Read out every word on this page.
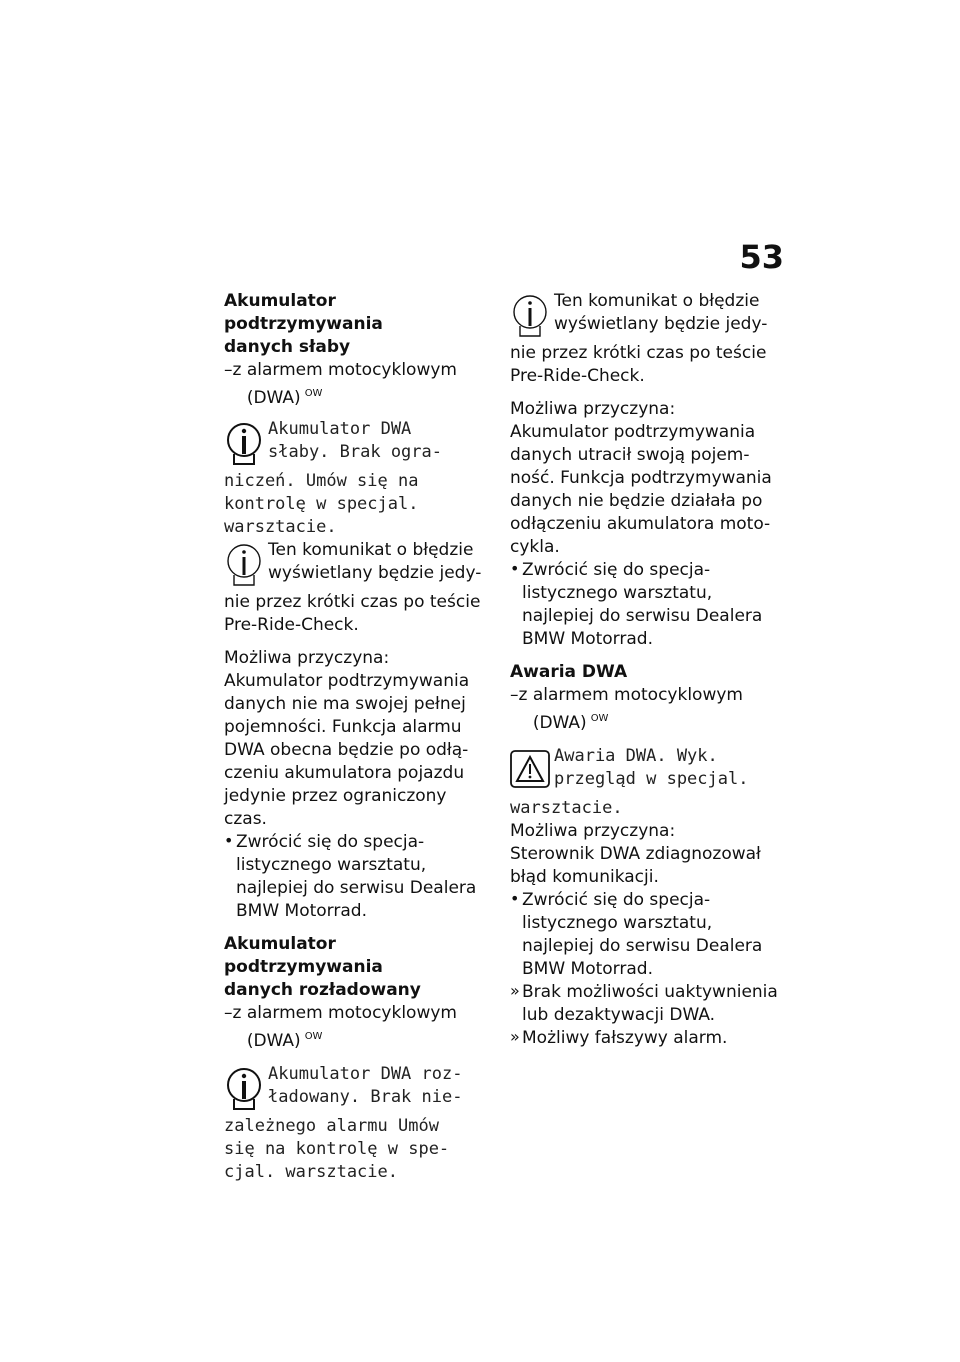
53

Akumulator podtrzymywania
danych słaby

–z alarmem motocyklowym
(DWA) $^{OW}$

Akumulator DWA

słaby. Brak ogra-

niczeń. Umów się na

kontrolę w specjal.

warsztacie.

Ten komunikat o błędzie

wyświetlany będzie jedy-

nie przez krótki czas po teście

Pre-Ride-Check.

Możliwa przyczyna:

Akumulator podtrzymywania

danych nie ma swojej pełnej

pojemności. Funkcja alarmu

DWA obecna będzie po odłą-

czeniu akumulatora pojazdu

jedynie przez ograniczony czas.

• Zwrócić się do specja-

listycznego warsztatu,

najlepiej do serwisu Dealera

BMW Motorrad.

Akumulator podtrzymywania
danych rozładowany

–z alarmem motocyklowym
(DWA) $^{OW}$

Akumulator DWA roz-

ładowany. Brak nie-

zależnego alarmu Umów

się na kontrolę w spe-

cjal. warsztacie.

Ten komunikat o błędzie

wyświetlany będzie jedy-

nie przez krótki czas po teście

Pre-Ride-Check.

Możliwa przyczyna:

Akumulator podtrzymywania

danych utracił swoją pojem-

ność. Funkcja podtrzymywania

danych nie będzie działała po

odłączeniu akumulatora moto-

cykla.

• Zwrócić się do specja-

listycznego warsztatu,

najlepiej do serwisu Dealera

BMW Motorrad.

Awaria DWA

–z alarmem motocyklowym
(DWA) $^{OW}$

Awaria DWA. Wyk.

przegląd w specjal.

warsztacie.

Możliwa przyczyna:

Sterownik DWA zdiagnozował

błąd komunikacji.

• Zwrócić się do specja-

listycznego warsztatu,

najlepiej do serwisu Dealera

BMW Motorrad.

» Brak możliwości uaktywnienia

lub dezaktywacji DWA.

» Możliwy fałszywy alarm.
